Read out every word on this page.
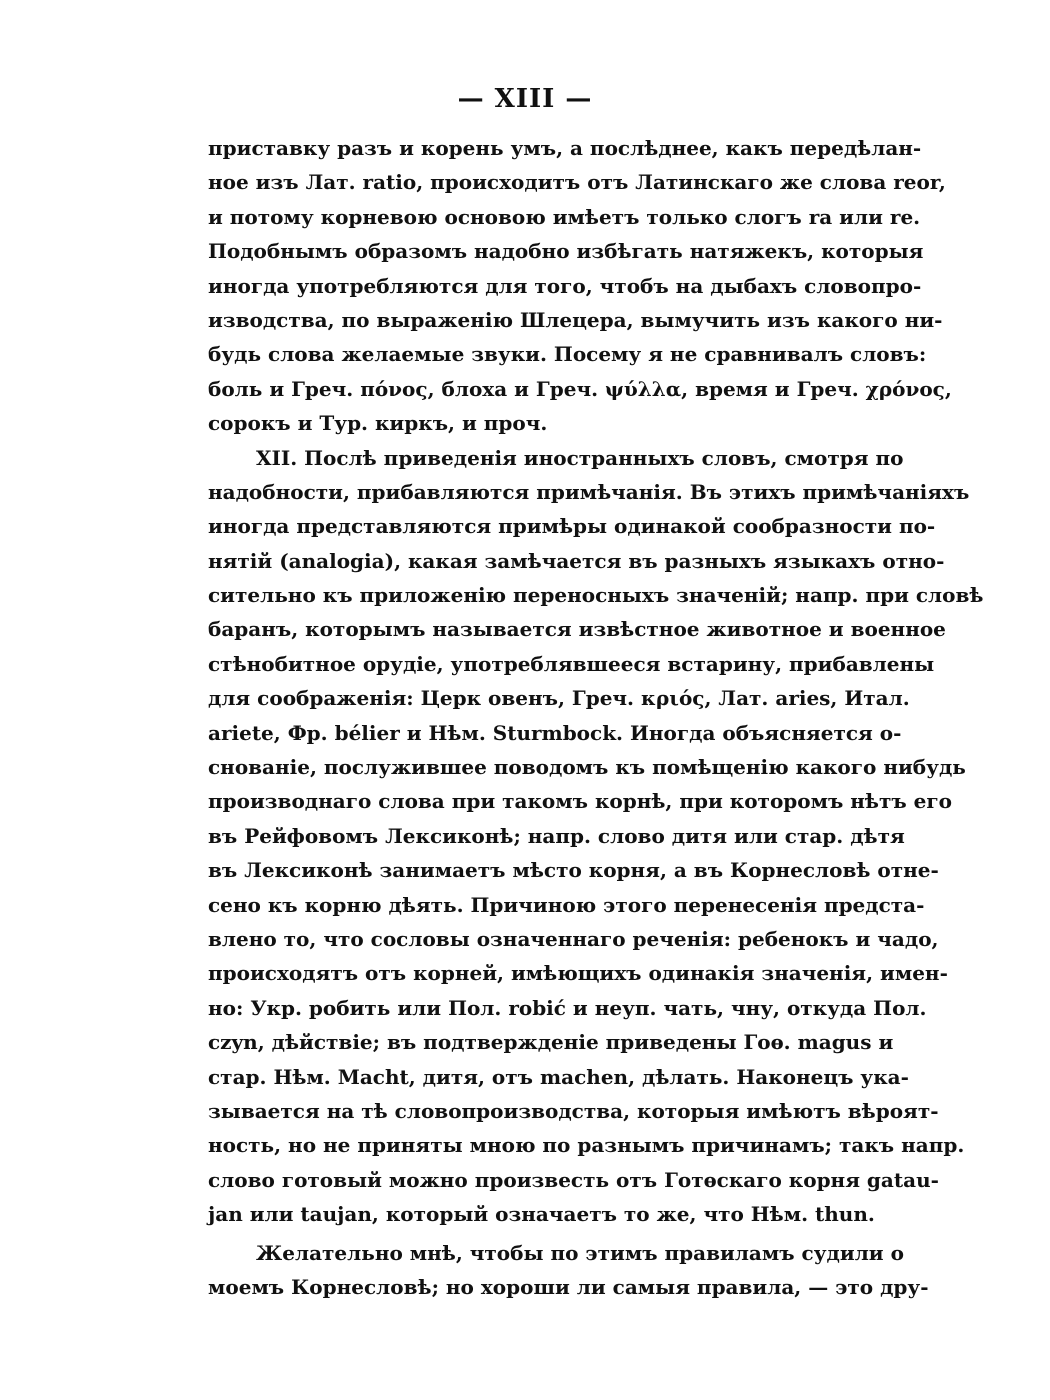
— XIII —
приставку разъ и корень умъ, а послѣднее, какъ передѣлан-
ное изъ Лат. ratio, происходитъ отъ Латинскаго же слова reor,
и потому корневою основою имѣетъ только слогъ ra или re.
Подобнымъ образомъ надобно избѣгать натяжекъ, которыя
иногда употребляются для того, чтобъ на дыбахъ словопро-
изводства, по выраженію Шлецера, вымучить изъ какого ни-
будь слова желаемые звуки. Посему я не сравнивалъ словъ:
боль и Греч. πόνος, блоха и Греч. ψύλλα, время и Греч. χρόνος,
сорокъ и Тур. киркъ, и проч.
XII. Послѣ приведенія иностранныхъ словъ, смотря по
надобности, прибавляются примѣчанія. Въ этихъ примѣчаніяхъ
иногда представляются примѣры одинакой сообразности по-
нятій (analogia), какая замѣчается въ разныхъ языкахъ отно-
сительно къ приложенію переносныхъ значеній; напр. при словѣ
баранъ, которымъ называется извѣстное животное и военное
стѣнобитное орудіе, употреблявшееся встарину, прибавлены
для соображенія: Церк овенъ, Греч. κριός, Лат. aries, Итал.
ariete, Фр. bélier и Нѣм. Sturmbock. Иногда объясняется о-
снованіе, послужившее поводомъ къ помѣщенію какого нибудь
производнаго слова при такомъ корнѣ, при которомъ нѣтъ его
въ Рейфовомъ Лексиконѣ; напр. слово дитя или стар. дѣтя
въ Лексиконѣ занимаетъ мѣсто корня, а въ Корнесловѣ отне-
сено къ корню дѣять. Причиною этого перенесенія предста-
влено то, что сословы означеннаго реченія: ребенокъ и чадо,
происходятъ отъ корней, имѣющихъ одинакія значенія, имен-
но: Укр. робить или Пол. robić и неуп. чать, чну, откуда Пол.
czyn, дѣйствіе; въ подтвержденіе приведены Гоѳ. magus и
стар. Нѣм. Macht, дитя, отъ machen, дѣлать. Наконецъ ука-
зывается на тѣ словопроизводства, которыя имѣютъ вѣроят-
ность, но не приняты мною по разнымъ причинамъ; такъ напр.
слово готовый можно произвесть отъ Готѳскаго корня gatau-
jan или taujan, который означаетъ то же, что Нѣм. thun.
Желательно мнѣ, чтобы по этимъ правиламъ судили о
моемъ Корнесловѣ; но хороши ли самыя правила, — это дру-
